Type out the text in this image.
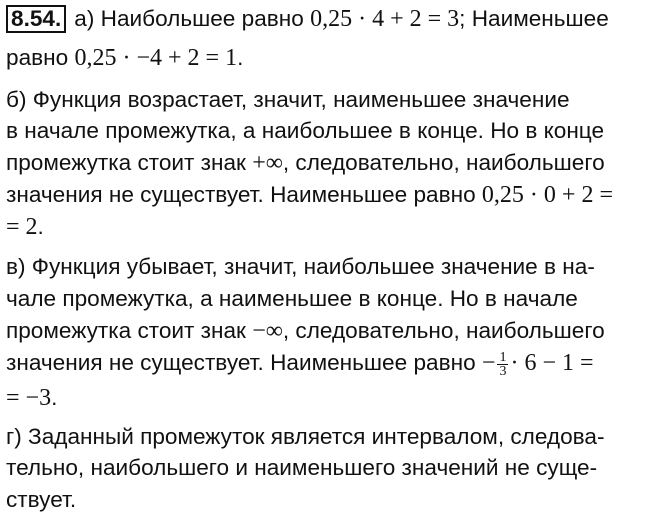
8.54. а) Наибольшее равно 0,25 · 4 + 2 = 3; Наименьшее
равно 0,25 · −4 + 2 = 1.
б) Функция возрастает, значит, наименьшее значение
в начале промежутка, а наибольшее в конце. Но в конце
промежутка стоит знак +∞, следовательно, наибольшего
значения не существует. Наименьшее равно 0,25 · 0 + 2 =
= 2.
в) Функция убывает, значит, наибольшее значение в на-
чале промежутка, а наименьшее в конце. Но в начале
промежутка стоит знак −∞, следовательно, наибольшего
значения не существует. Наименьшее равно − $\frac{1}{3} \cdot 6 - 1$ =
= −3.
г) Заданный промежуток является интервалом, следова-
тельно, наибольшего и наименьшего значений не суще-
ствует.
